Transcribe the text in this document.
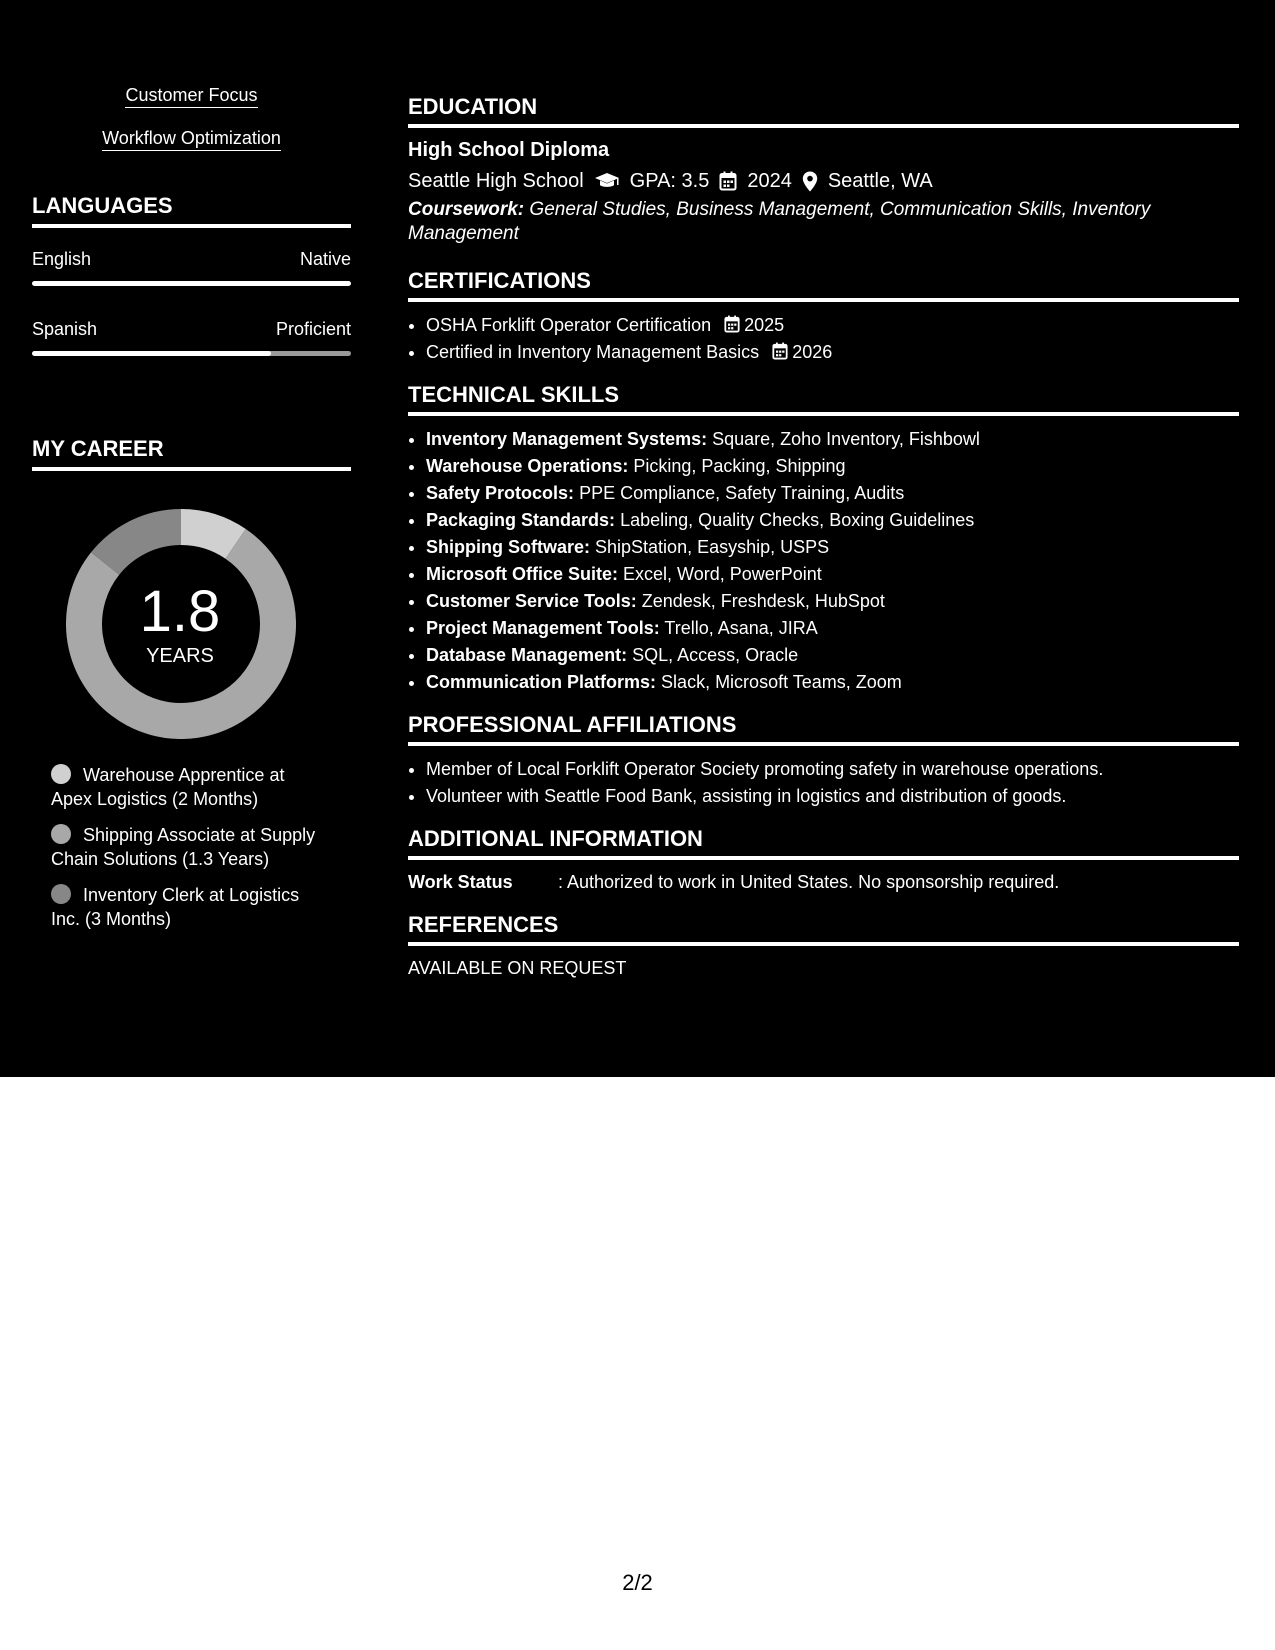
Customer Focus
Workflow Optimization
LANGUAGES
English	Native
Spanish	Proficient
MY CAREER
1.8
YEARS
Warehouse Apprentice at Apex Logistics (2 Months)
Shipping Associate at Supply Chain Solutions (1.3 Years)
Inventory Clerk at Logistics Inc. (3 Months)
EDUCATION
High School Diploma
Seattle High School GPA: 3.5 2024 Seattle, WA
Coursework: General Studies, Business Management, Communication Skills, Inventory Management
CERTIFICATIONS
• OSHA Forklift Operator Certification 2025
• Certified in Inventory Management Basics 2026
TECHNICAL SKILLS
• Inventory Management Systems: Square, Zoho Inventory, Fishbowl
• Warehouse Operations: Picking, Packing, Shipping
• Safety Protocols: PPE Compliance, Safety Training, Audits
• Packaging Standards: Labeling, Quality Checks, Boxing Guidelines
• Shipping Software: ShipStation, Easyship, USPS
• Microsoft Office Suite: Excel, Word, PowerPoint
• Customer Service Tools: Zendesk, Freshdesk, HubSpot
• Project Management Tools: Trello, Asana, JIRA
• Database Management: SQL, Access, Oracle
• Communication Platforms: Slack, Microsoft Teams, Zoom
PROFESSIONAL AFFILIATIONS
• Member of Local Forklift Operator Society promoting safety in warehouse operations.
• Volunteer with Seattle Food Bank, assisting in logistics and distribution of goods.
ADDITIONAL INFORMATION
Work Status	: Authorized to work in United States. No sponsorship required.
REFERENCES
AVAILABLE ON REQUEST
2/2
